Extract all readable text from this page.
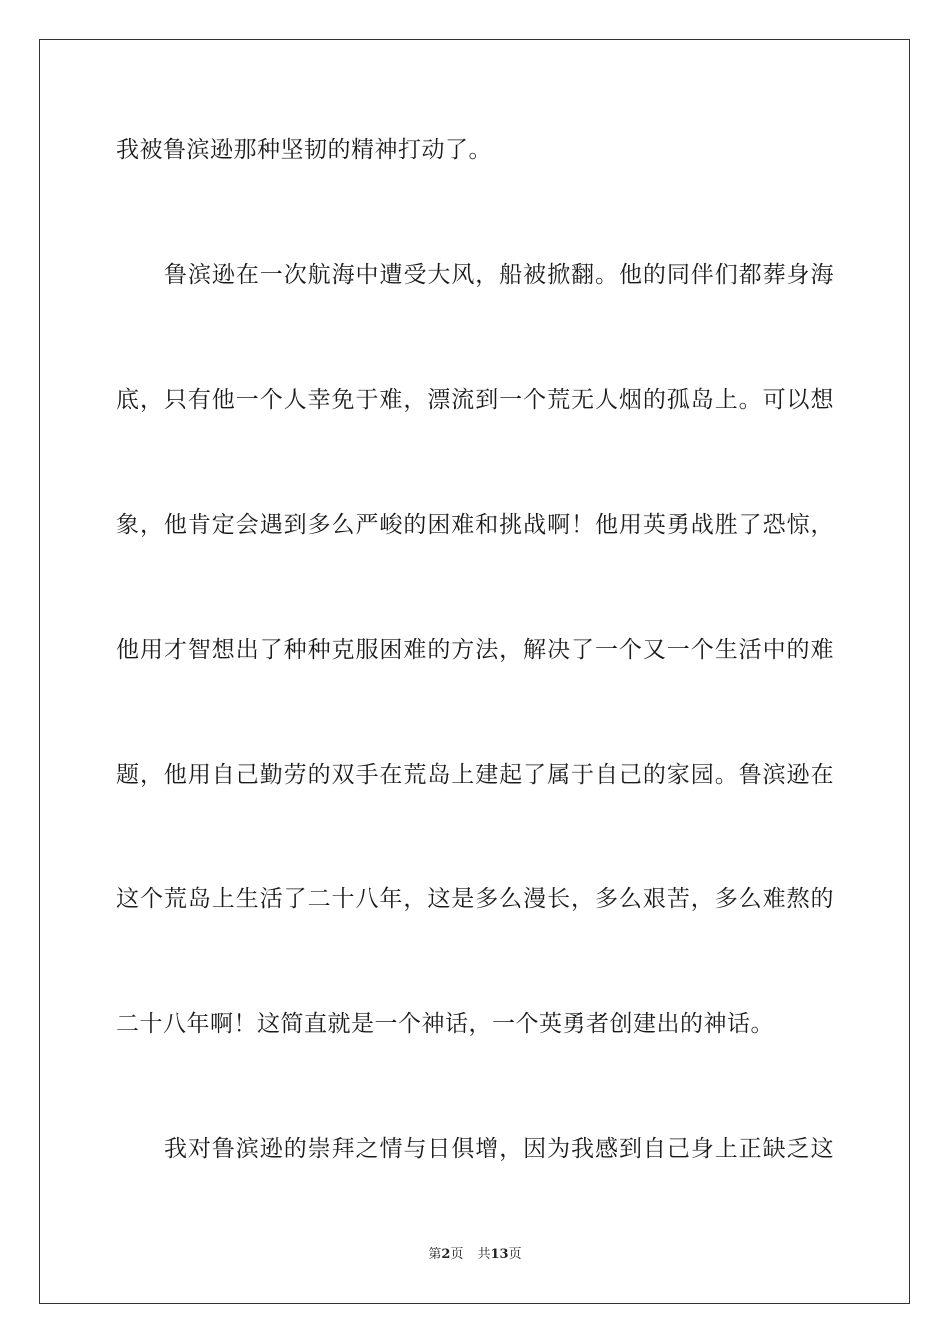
我被鲁滨逊那种坚韧的精神打动了。
鲁滨逊在一次航海中遭受大风，船被掀翻。他的同伴们都葬身海
底，只有他一个人幸免于难，漂流到一个荒无人烟的孤岛上。可以想
象，他肯定会遇到多么严峻的困难和挑战啊！他用英勇战胜了恐惊，
他用才智想出了种种克服困难的方法，解决了一个又一个生活中的难
题，他用自己勤劳的双手在荒岛上建起了属于自己的家园。鲁滨逊在
这个荒岛上生活了二十八年，这是多么漫长，多么艰苦，多么难熬的
二十八年啊！这简直就是一个神话，一个英勇者创建出的神话。
我对鲁滨逊的崇拜之情与日俱增，因为我感到自己身上正缺乏这
第2页 共13页
